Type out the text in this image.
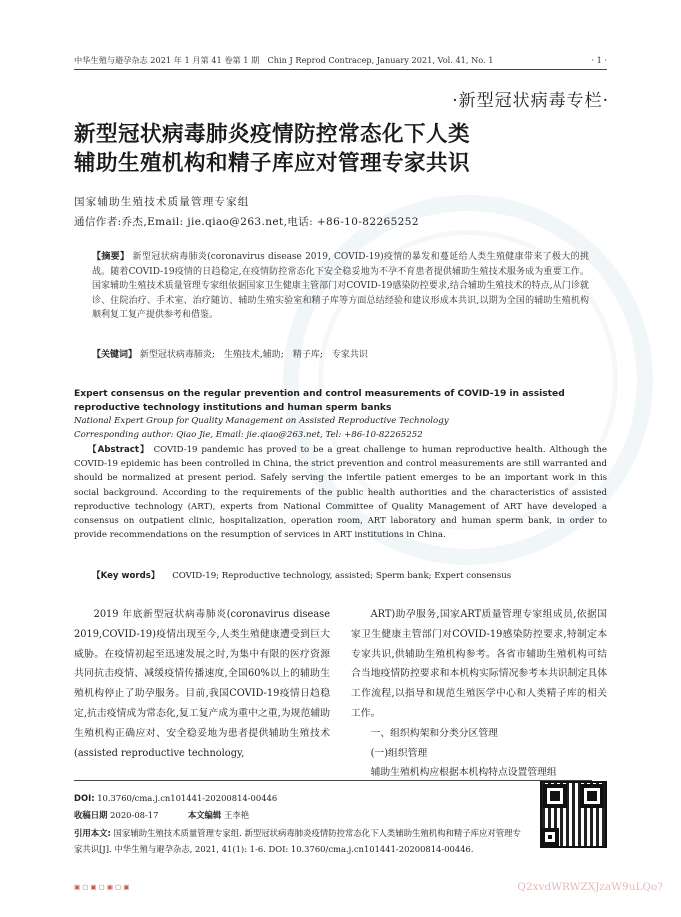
中华生殖与避孕杂志 2021 年 1 月第 41 卷第 1 期　Chin J Reprod Contracep, January 2021, Vol. 41, No. 1	· 1 ·
·新型冠状病毒专栏·
新型冠状病毒肺炎疫情防控常态化下人类
辅助生殖机构和精子库应对管理专家共识
国家辅助生殖技术质量管理专家组
通信作者:乔杰,Email: jie.qiao@263.net,电话: +86-10-82265252
【摘要】 新型冠状病毒肺炎(coronavirus disease 2019, COVID-19)疫情的暴发和蔓延给人类生殖健康带来了极大的挑战。随着COVID-19疫情的日趋稳定,在疫情防控常态化下安全稳妥地为不孕不育患者提供辅助生殖技术服务成为重要工作。国家辅助生殖技术质量管理专家组依据国家卫生健康主管部门对COVID-19感染防控要求,结合辅助生殖技术的特点,从门诊就诊、住院治疗、手术室、治疗随访、辅助生殖实验室和精子库等方面总结经验和建议形成本共识,以期为全国的辅助生殖机构顺利复工复产提供参考和借鉴。
【关键词】 新型冠状病毒肺炎;　生殖技术,辅助;　精子库;　专家共识
Expert consensus on the regular prevention and control measurements of COVID-19 in assisted reproductive technology institutions and human sperm banks
National Expert Group for Quality Management on Assisted Reproductive Technology
Corresponding author: Qiao Jie, Email: jie.qiao@263.net, Tel: +86-10-82265252
【Abstract】 COVID-19 pandemic has proved to be a great challenge to human reproductive health. Although the COVID-19 epidemic has been controlled in China, the strict prevention and control measurements are still warranted and should be normalized at present period. Safely serving the infertile patient emerges to be an important work in this social background. According to the requirements of the public health authorities and the characteristics of assisted reproductive technology (ART), experts from National Committee of Quality Management of ART have developed a consensus on outpatient clinic, hospitalization, operation room, ART laboratory and human sperm bank, in order to provide recommendations on the resumption of services in ART institutions in China.
【Key words】 COVID-19; Reproductive technology, assisted; Sperm bank; Expert consensus

2019 年底新型冠状病毒肺炎(coronavirus disease 2019,COVID-19)疫情出现至今,人类生殖健康遭受到巨大威胁。在疫情初起至迅速发展之时,为集中有限的医疗资源共同抗击疫情、减缓疫情传播速度,全国60%以上的辅助生殖机构停止了助孕服务。目前,我国COVID-19疫情日趋稳定,抗击疫情成为常态化,复工复产成为重中之重,为规范辅助生殖机构正确应对、安全稳妥地为患者提供辅助生殖技术(assisted reproductive technology,

ART)助孕服务,国家ART质量管理专家组成员,依据国家卫生健康主管部门对COVID-19感染防控要求,特制定本专家共识,供辅助生殖机构参考。各省市辅助生殖机构可结合当地疫情防控要求和本机构实际情况参考本共识制定具体工作流程,以指导和规范生殖医学中心和人类精子库的相关工作。

一、组织构架和分类分区管理
(一)组织管理
辅助生殖机构应根据本机构特点设置管理组
DOI: 10.3760/cma.j.cn101441-20200814-00446
收稿日期 2020-08-17	本文编辑 王李艳
引用本文: 国家辅助生殖技术质量管理专家组. 新型冠状病毒肺炎疫情防控常态化下人类辅助生殖机构和精子库应对管理专家共识[J]. 中华生殖与避孕杂志, 2021, 41(1): 1-6. DOI: 10.3760/cma.j.cn101441-20200814-00446.
▣ ▢ ▣ ▢ ▣ ▢ ▣	Q2xvdWRWZXJzaW9uLQo?
